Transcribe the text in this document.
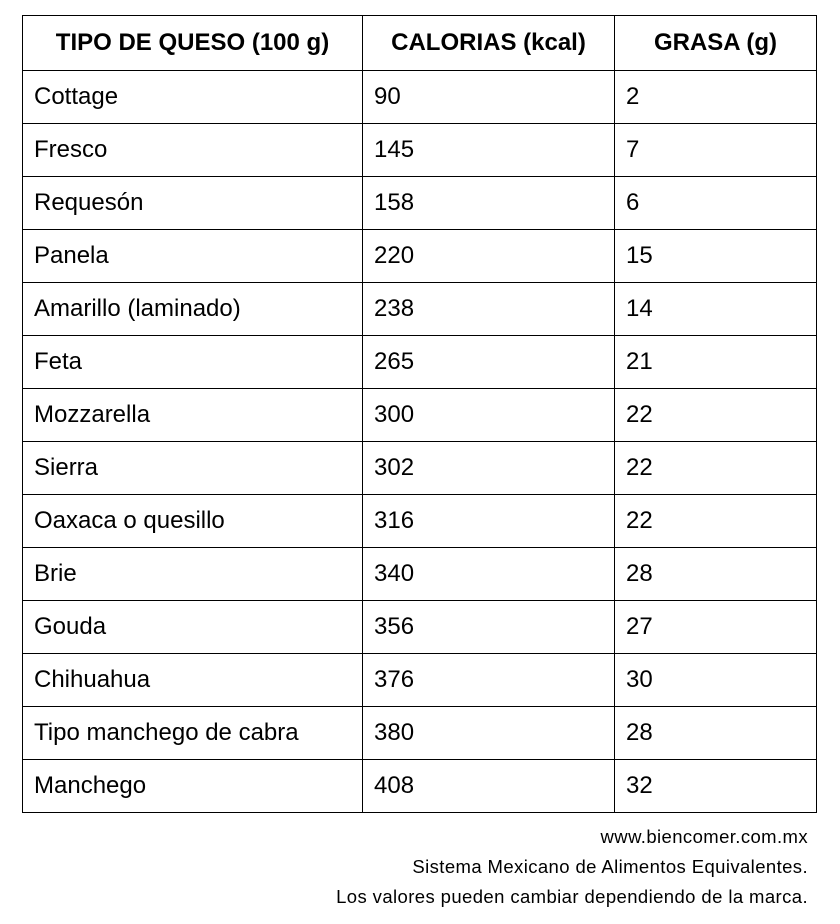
TIPO DE QUESO (100 g)	CALORIAS (kcal)	GRASA (g)
Cottage	90	2
Fresco	145	7
Requesón	158	6
Panela	220	15
Amarillo (laminado)	238	14
Feta	265	21
Mozzarella	300	22
Sierra	302	22
Oaxaca o quesillo	316	22
Brie	340	28
Gouda	356	27
Chihuahua	376	30
Tipo manchego de cabra	380	28
Manchego	408	32
www.biencomer.com.mx
Sistema Mexicano de Alimentos Equivalentes.
Los valores pueden cambiar dependiendo de la marca.
